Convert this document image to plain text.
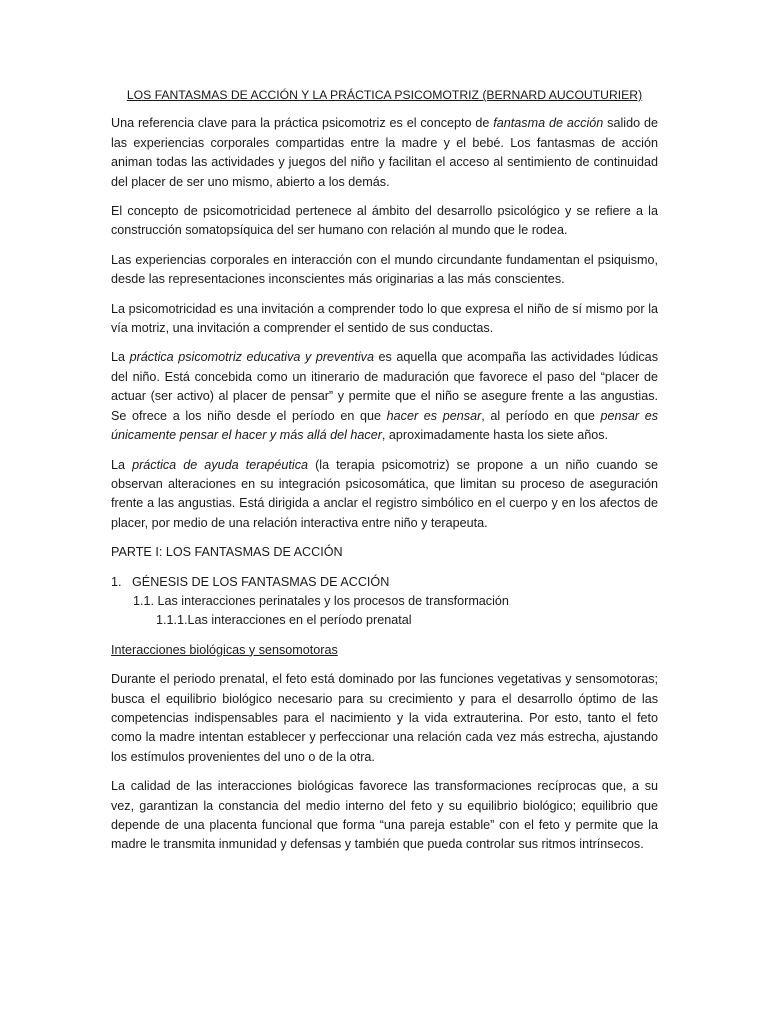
LOS FANTASMAS DE ACCIÓN Y LA PRÁCTICA PSICOMOTRIZ (BERNARD AUCOUTURIER)

Una referencia clave para la práctica psicomotriz es el concepto de fantasma de acción salido de las experiencias corporales compartidas entre la madre y el bebé. Los fantasmas de acción animan todas las actividades y juegos del niño y facilitan el acceso al sentimiento de continuidad del placer de ser uno mismo, abierto a los demás.

El concepto de psicomotricidad pertenece al ámbito del desarrollo psicológico y se refiere a la construcción somatopsíquica del ser humano con relación al mundo que le rodea.

Las experiencias corporales en interacción con el mundo circundante fundamentan el psiquismo, desde las representaciones inconscientes más originarias a las más conscientes.

La psicomotricidad es una invitación a comprender todo lo que expresa el niño de sí mismo por la vía motriz, una invitación a comprender el sentido de sus conductas.

La práctica psicomotriz educativa y preventiva es aquella que acompaña las actividades lúdicas del niño. Está concebida como un itinerario de maduración que favorece el paso del “placer de actuar (ser activo) al placer de pensar” y permite que el niño se asegure frente a las angustias. Se ofrece a los niño desde el período en que hacer es pensar, al período en que pensar es únicamente pensar el hacer y más allá del hacer, aproximadamente hasta los siete años.

La práctica de ayuda terapéutica (la terapia psicomotriz) se propone a un niño cuando se observan alteraciones en su integración psicosomática, que limitan su proceso de aseguración frente a las angustias. Está dirigida a anclar el registro simbólico en el cuerpo y en los afectos de placer, por medio de una relación interactiva entre niño y terapeuta.

PARTE I: LOS FANTASMAS DE ACCIÓN
1. GÉNESIS DE LOS FANTASMAS DE ACCIÓN
1.1. Las interacciones perinatales y los procesos de transformación
1.1.1.Las interacciones en el período prenatal
Interacciones biológicas y sensomotoras

Durante el periodo prenatal, el feto está dominado por las funciones vegetativas y sensomotoras; busca el equilibrio biológico necesario para su crecimiento y para el desarrollo óptimo de las competencias indispensables para el nacimiento y la vida extrauterina. Por esto, tanto el feto como la madre intentan establecer y perfeccionar una relación cada vez más estrecha, ajustando los estímulos provenientes del uno o de la otra.

La calidad de las interacciones biológicas favorece las transformaciones recíprocas que, a su vez, garantizan la constancia del medio interno del feto y su equilibrio biológico; equilibrio que depende de una placenta funcional que forma “una pareja estable” con el feto y permite que la madre le transmita inmunidad y defensas y también que pueda controlar sus ritmos intrínsecos.
